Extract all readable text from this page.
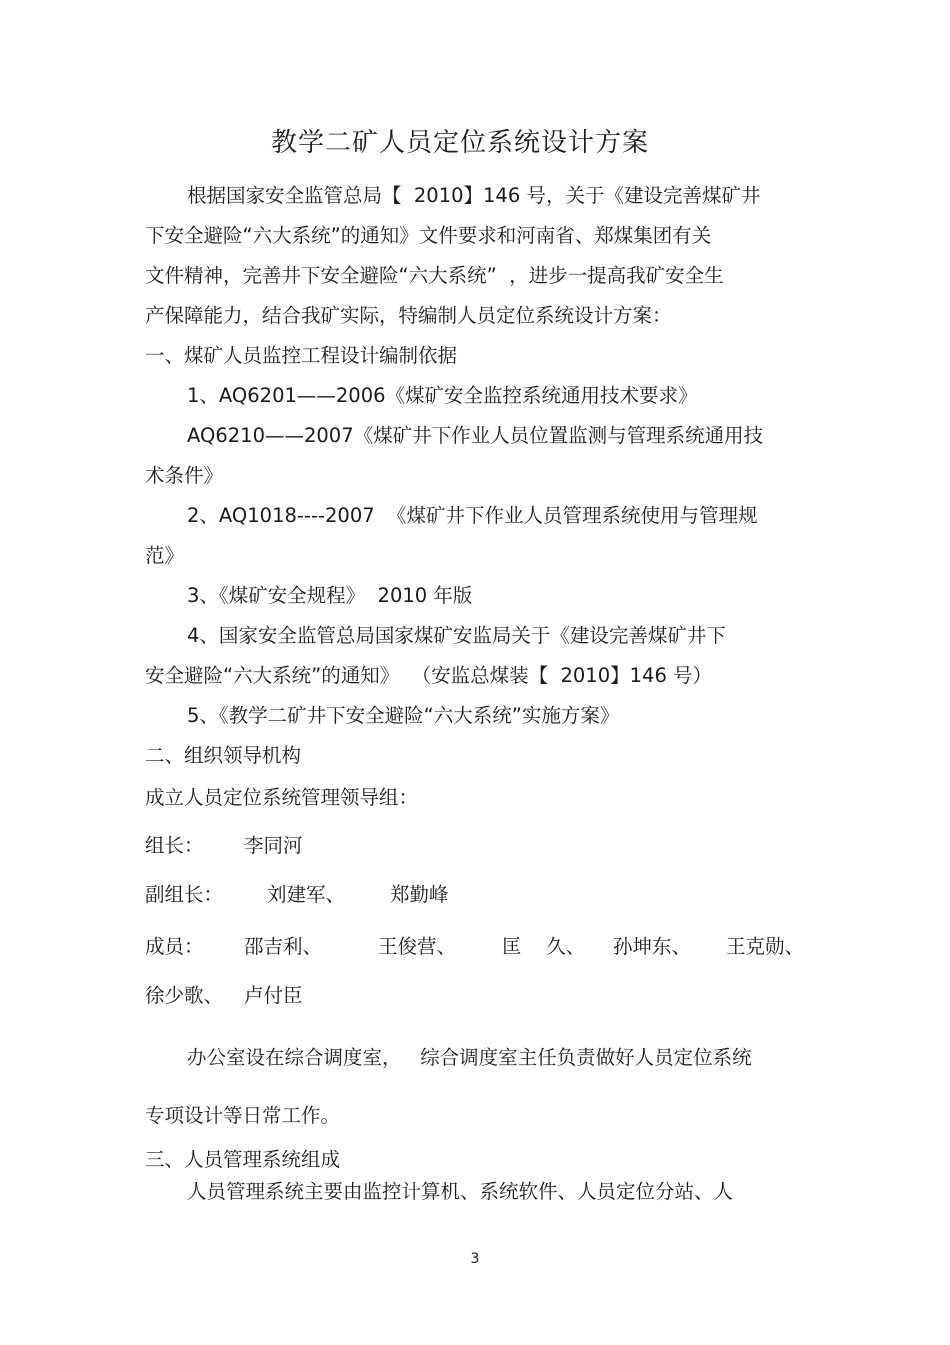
教学二矿人员定位系统设计方案
根据国家安全监管总局【  2010】146 号，关于《建设完善煤矿井
下安全避险“六大系统”的通知》文件要求和河南省、郑煤集团有关
文件精神，完善井下安全避险“六大系统”  ，进步一提高我矿安全生
产保障能力，结合我矿实际，特编制人员定位系统设计方案：
一、煤矿人员监控工程设计编制依据
1、AQ6201——2006《煤矿安全监控系统通用技术要求》
AQ6210——2007《煤矿井下作业人员位置监测与管理系统通用技
术条件》
2、AQ1018----2007  《煤矿井下作业人员管理系统使用与管理规
范》
3、《煤矿安全规程》  2010 年版
4、国家安全监管总局国家煤矿安监局关于《建设完善煤矿井下
安全避险“六大系统”的通知》  （安监总煤装【  2010】146 号）
5、《教学二矿井下安全避险“六大系统”实施方案》
二、组织领导机构
成立人员定位系统管理领导组：
组长： 李同河
副组长： 刘建军、 郑勤峰
成员： 邵吉利、	王俊营、 匡    久、 孙坤东、 王克勋、
徐少歌、 卢付臣
办公室设在综合调度室，   综合调度室主任负责做好人员定位系统
专项设计等日常工作。
三、人员管理系统组成
人员管理系统主要由监控计算机、系统软件、人员定位分站、人
3
